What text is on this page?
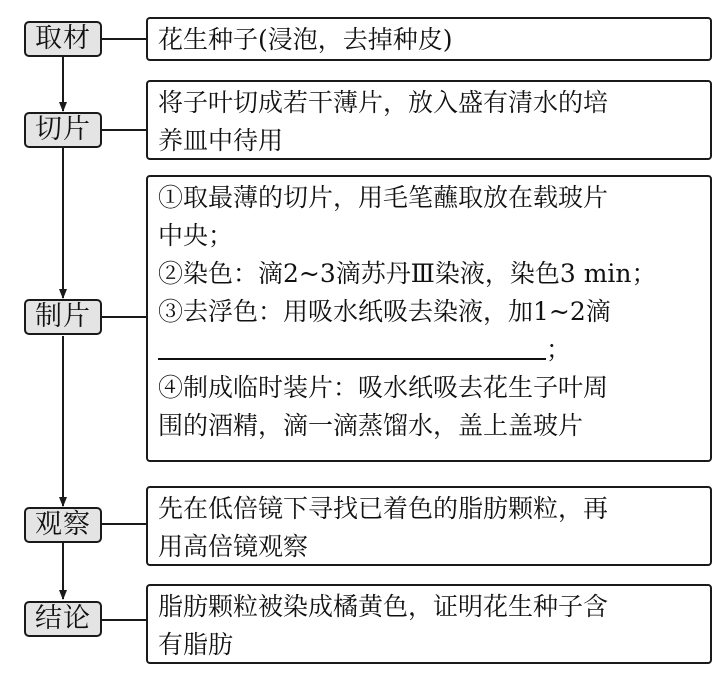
取材	花生种子(浸泡，去掉种皮)
切片
将子叶切成若干薄片，放入盛有清水的培
养皿中待用
制片
①取最薄的切片，用毛笔蘸取放在载玻片
中央；
②染色：滴2~3滴苏丹Ⅲ染液，染色3 min；
③去浮色：用吸水纸吸去染液，加1~2滴
；
④制成临时装片：吸水纸吸去花生子叶周
围的酒精，滴一滴蒸馏水，盖上盖玻片
观察
先在低倍镜下寻找已着色的脂肪颗粒，再
用高倍镜观察
结论	脂肪颗粒被染成橘黄色，证明花生种子含
有脂肪
